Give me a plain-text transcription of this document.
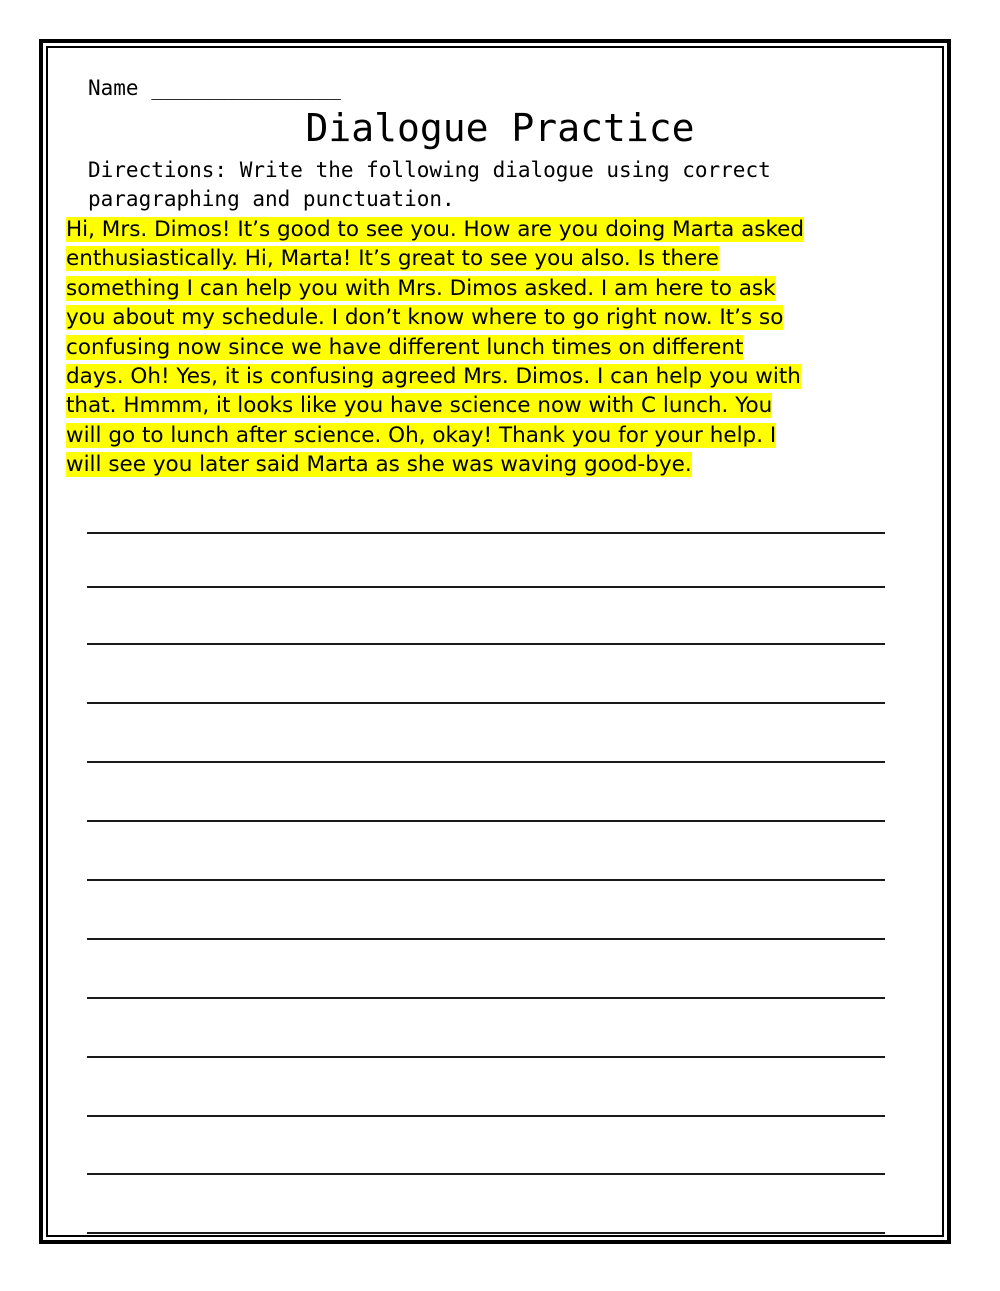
Name _______________
Dialogue Practice
Directions: Write the following dialogue using correct
paragraphing and punctuation.
Hi, Mrs. Dimos! It’s good to see you. How are you doing Marta asked
enthusiastically. Hi, Marta! It’s great to see you also. Is there
something I can help you with Mrs. Dimos asked. I am here to ask
you about my schedule. I don’t know where to go right now. It’s so
confusing now since we have different lunch times on different
days. Oh! Yes, it is confusing agreed Mrs. Dimos. I can help you with
that. Hmmm, it looks like you have science now with C lunch. You
will go to lunch after science. Oh, okay! Thank you for your help. I
will see you later said Marta as she was waving good-bye.
